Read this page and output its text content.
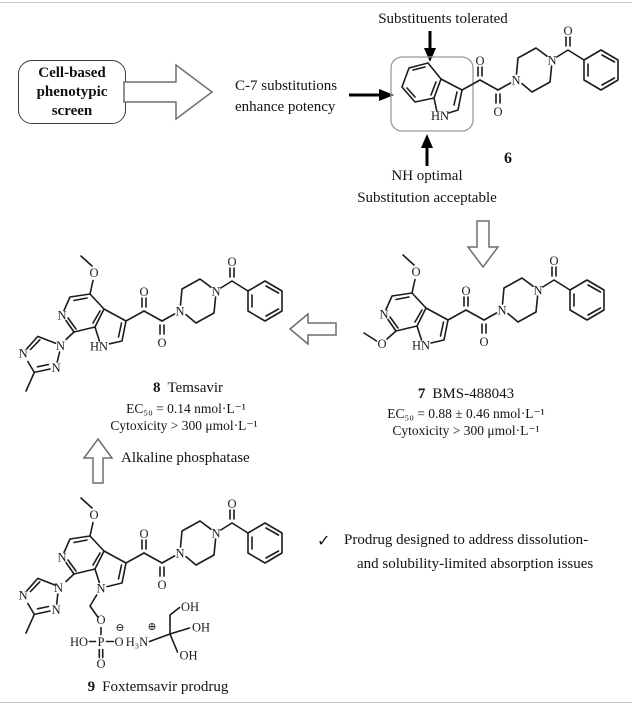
O
Cell-based
phenotypic
screen
C-7 substitutions
enhance potency
Substituents tolerated
HN
6
NH optimal
Substitution acceptable
N
HN
O
O
7 BMS-488043
EC₅₀ = 0.88 ± 0.46 nmol·L⁻¹
Cytoxicity > 300 μmol·L⁻¹
N
HN
O
N
N
N
8 Temsavir
EC₅₀ = 0.14 nmol·L⁻¹
Cytoxicity > 300 μmol·L⁻¹
Alkaline phosphatase
N
N
O
N
N
N
O
HO P O
⊖
O
H₃N
⊕
OH
OH
OH
9 Foxtemsavir prodrug
✓ Prodrug designed to address dissolution-
and solubility-limited absorption issues
